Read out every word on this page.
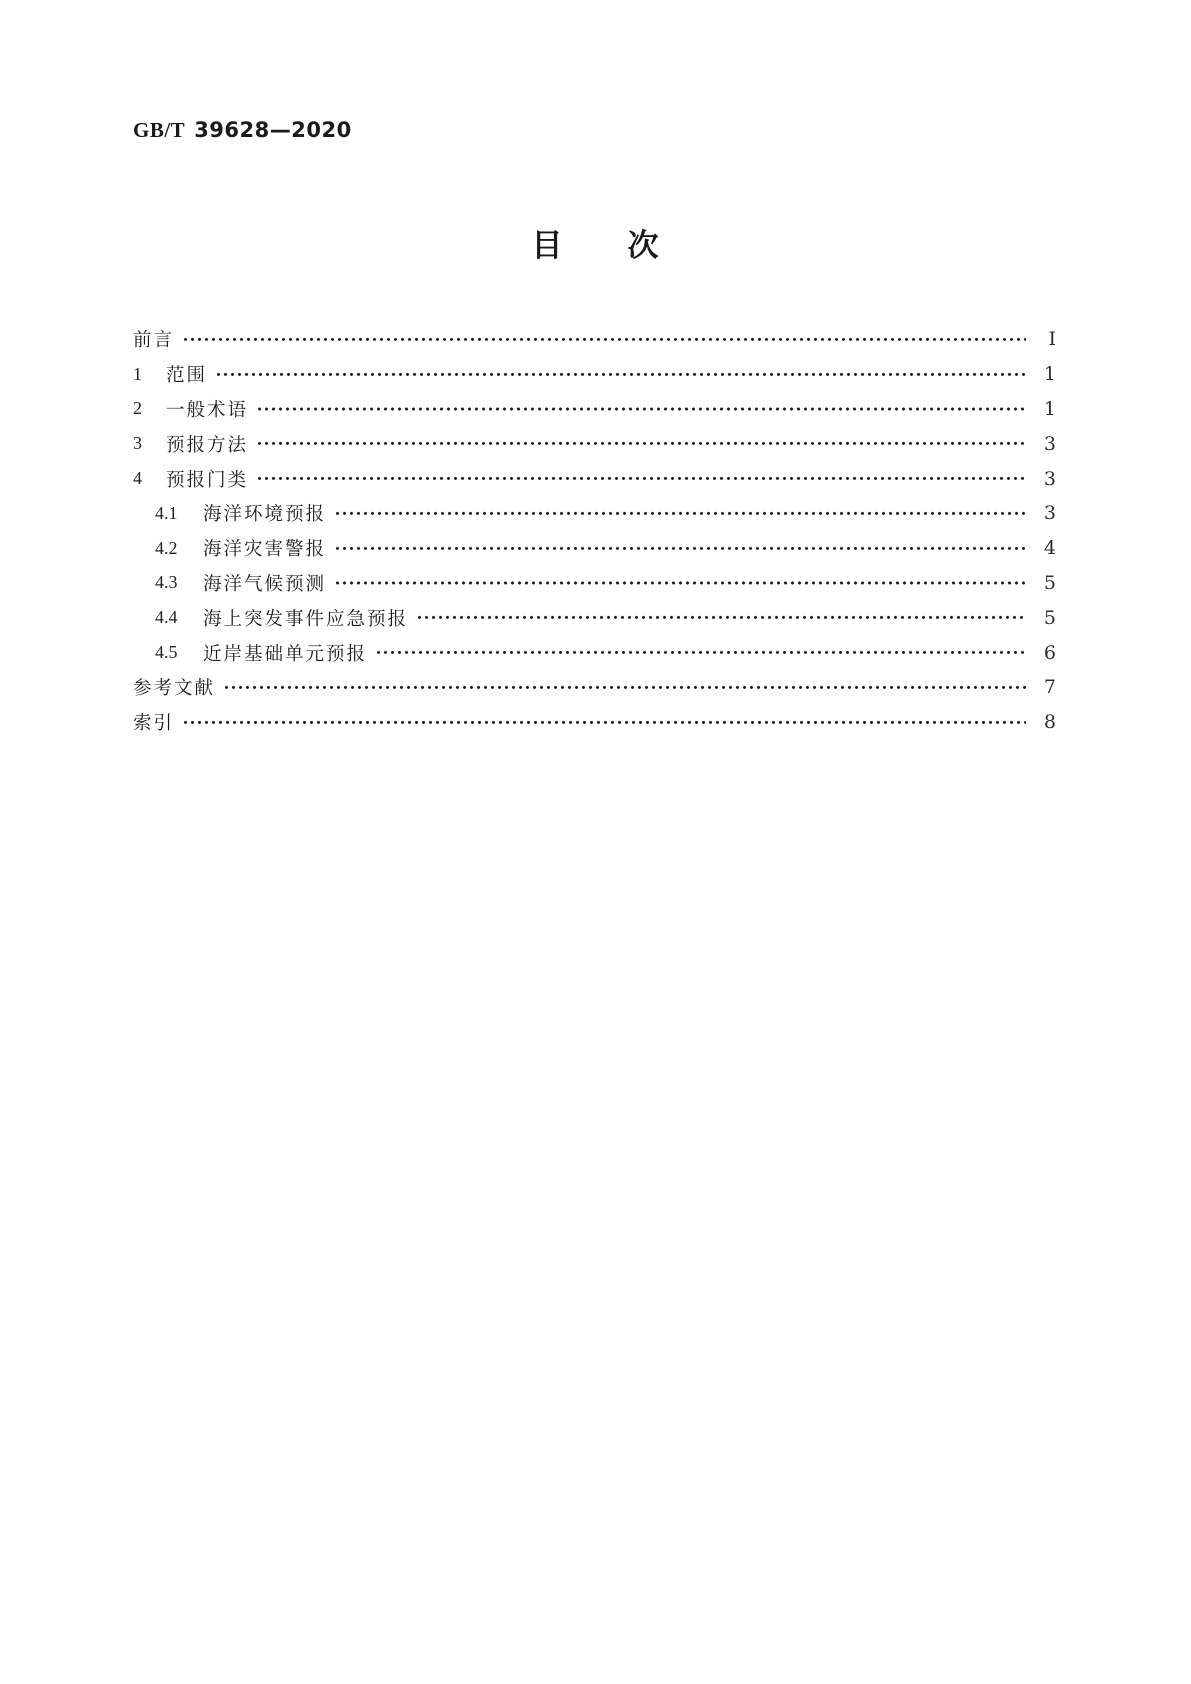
GB/T 39628—2020
目　　次
前言	Ⅰ
1	范围	1
2	一般术语	1
3	预报方法	3
4	预报门类	3
4.1	海洋环境预报	3
4.2	海洋灾害警报	4
4.3	海洋气候预测	5
4.4	海上突发事件应急预报	5
4.5	近岸基础单元预报	6
参考文献	7
索引	8
